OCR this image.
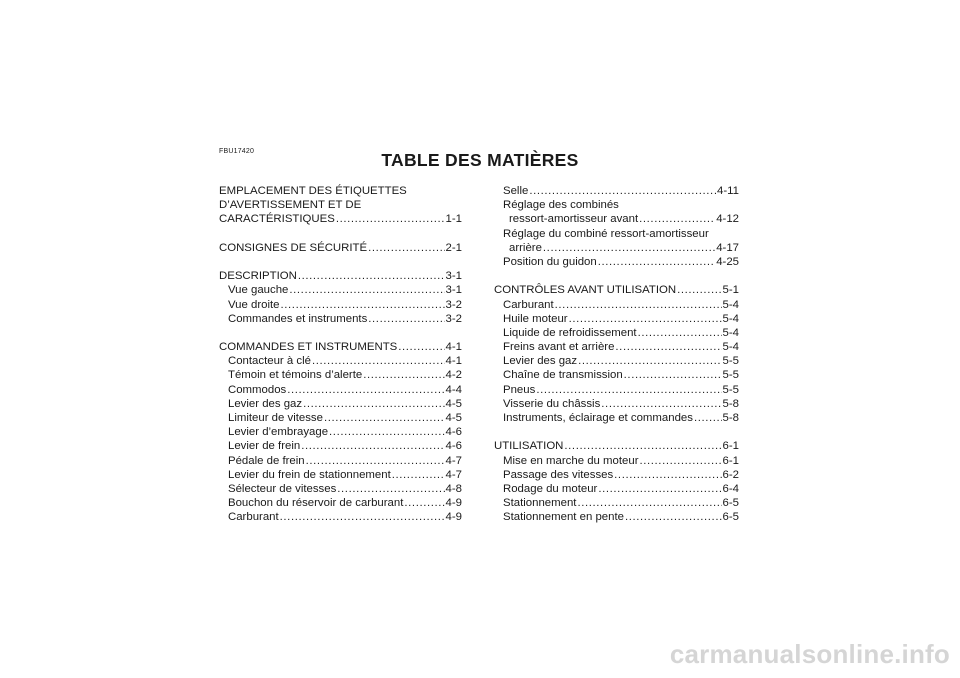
FBU17420	TABLE DES MATIÈRES
EMPLACEMENT DES ÉTIQUETTES
D’AVERTISSEMENT ET DE
CARACTÉRISTIQUES .....	1-1
CONSIGNES DE SÉCURITÉ .....	2-1
DESCRIPTION .....	3-1
Vue gauche .....	3-1
Vue droite .....	3-2
Commandes et instruments .....	3-2
COMMANDES ET INSTRUMENTS .....	4-1
Contacteur à clé .....	4-1
Témoin et témoins d’alerte .....	4-2
Commodos .....	4-4
Levier des gaz .....	4-5
Limiteur de vitesse .....	4-5
Levier d’embrayage .....	4-6
Levier de frein .....	4-6
Pédale de frein .....	4-7
Levier du frein de stationnement .....	4-7
Sélecteur de vitesses .....	4-8
Bouchon du réservoir de carburant .....	4-9
Carburant .....	4-9
Selle .....	4-11
Réglage des combinés
ressort-amortisseur avant .....	4-12
Réglage du combiné ressort-amortisseur
arrière .....	4-17
Position du guidon .....	4-25
CONTRÔLES AVANT UTILISATION .....	5-1
Carburant .....	5-4
Huile moteur .....	5-4
Liquide de refroidissement .....	5-4
Freins avant et arrière .....	5-4
Levier des gaz .....	5-5
Chaîne de transmission .....	5-5
Pneus .....	5-5
Visserie du châssis .....	5-8
Instruments, éclairage et commandes .....	5-8
UTILISATION .....	6-1
Mise en marche du moteur .....	6-1
Passage des vitesses .....	6-2
Rodage du moteur .....	6-4
Stationnement .....	6-5
Stationnement en pente .....	6-5
carmanualsonline.info
